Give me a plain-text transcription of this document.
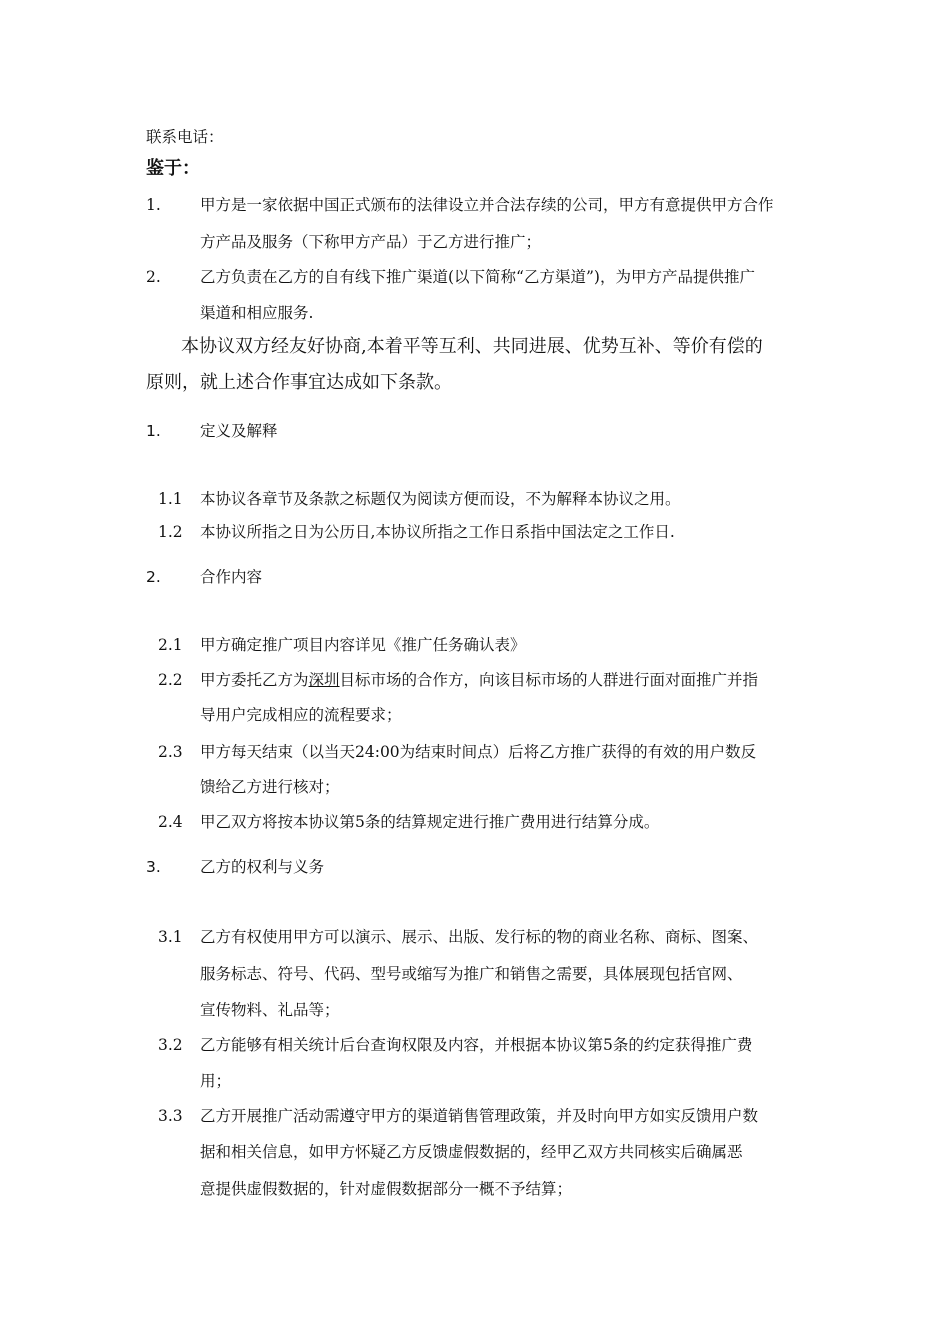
联系电话：
鉴于：
1.	甲方是一家依据中国正式颁布的法律设立并合法存续的公司，甲方有意提供甲方合作
方产品及服务（下称甲方产品）于乙方进行推广；
2.	乙方负责在乙方的自有线下推广渠道(以下简称“乙方渠道”)，为甲方产品提供推广
渠道和相应服务.
本协议双方经友好协商,本着平等互利、共同进展、优势互补、等价有偿的
原则，就上述合作事宜达成如下条款。
1.	定义及解释
1.1 本协议各章节及条款之标题仅为阅读方便而设，不为解释本协议之用。
1.2 本协议所指之日为公历日,本协议所指之工作日系指中国法定之工作日.
2.	合作内容
2.1 甲方确定推广项目内容详见《推广任务确认表》
2.2 甲方委托乙方为深圳目标市场的合作方，向该目标市场的人群进行面对面推广并指
导用户完成相应的流程要求；
2.3 甲方每天结束（以当天24:00为结束时间点）后将乙方推广获得的有效的用户数反
馈给乙方进行核对；
2.4 甲乙双方将按本协议第5条的结算规定进行推广费用进行结算分成。
3.	乙方的权利与义务
3.1 乙方有权使用甲方可以演示、展示、出版、发行标的物的商业名称、商标、图案、
服务标志、符号、代码、型号或缩写为推广和销售之需要，具体展现包括官网、
宣传物料、礼品等；
3.2 乙方能够有相关统计后台查询权限及内容，并根据本协议第5条的约定获得推广费
用；
3.3 乙方开展推广活动需遵守甲方的渠道销售管理政策，并及时向甲方如实反馈用户数
据和相关信息，如甲方怀疑乙方反馈虚假数据的，经甲乙双方共同核实后确属恶
意提供虚假数据的，针对虚假数据部分一概不予结算；
